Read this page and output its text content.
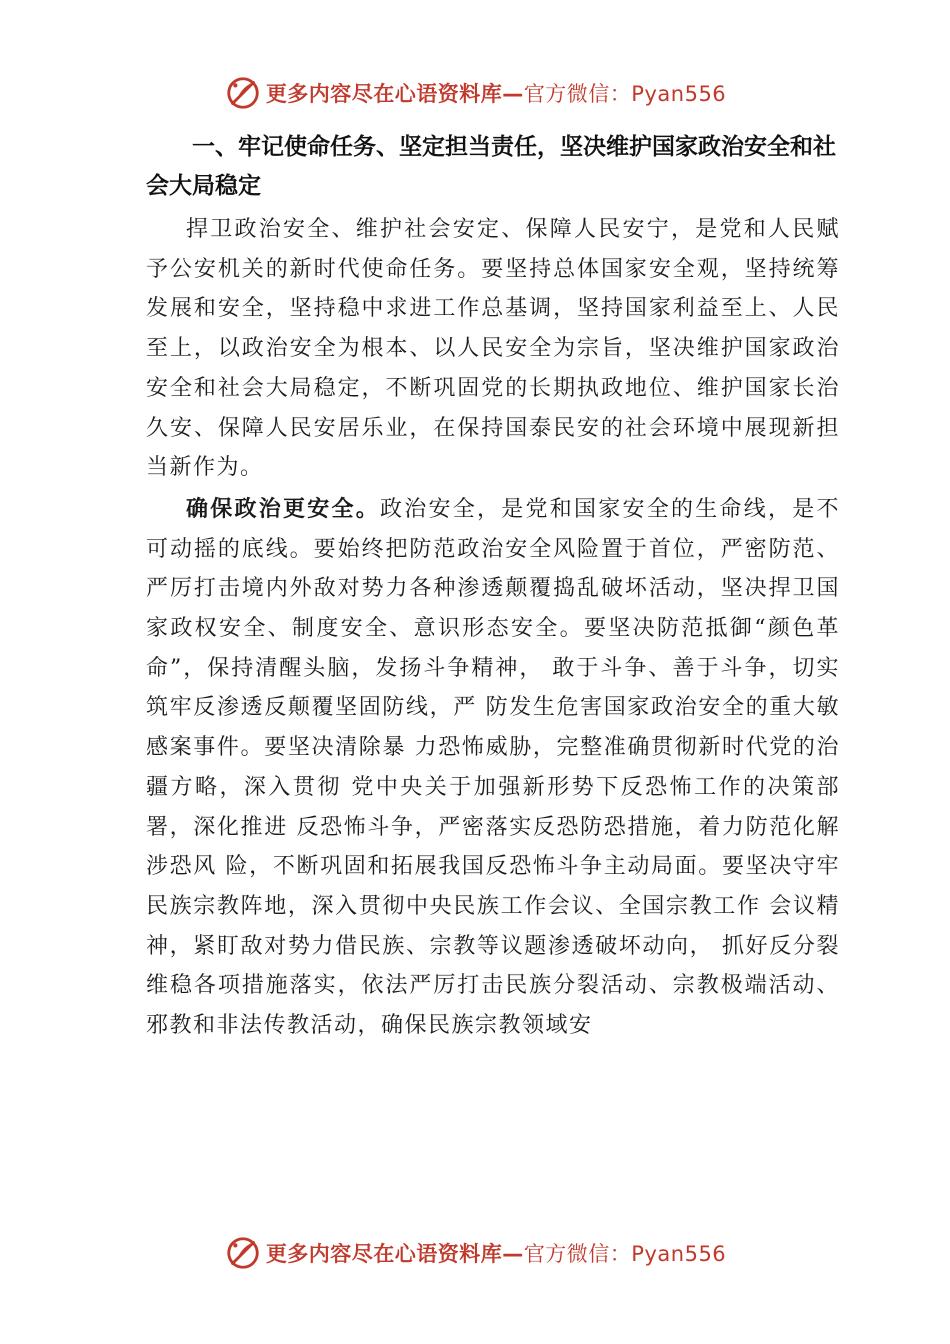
更多内容尽在心语资料库—官方微信：Pyan556
一、牢记使命任务、坚定担当责任，坚决维护国家政治安全和社会大局稳定

捍卫政治安全、维护社会安定、保障人民安宁，是党和人民赋予公安机关的新时代使命任务。要坚持总体国家安全观，坚持统筹发展和安全，坚持稳中求进工作总基调，坚持国家利益至上、人民至上，以政治安全为根本、以人民安全为宗旨，坚决维护国家政治安全和社会大局稳定，不断巩固党的长期执政地位、维护国家长治久安、保障人民安居乐业，在保持国泰民安的社会环境中展现新担当新作为。

确保政治更安全。政治安全，是党和国家安全的生命线，是不可动摇的底线。要始终把防范政治安全风险置于首位，严密防范、严厉打击境内外敌对势力各种渗透颠覆捣乱破坏活动，坚决捍卫国家政权安全、制度安全、意识形态安全。要坚决防范抵御“颜色革命”，保持清醒头脑，发扬斗争精神， 敢于斗争、善于斗争，切实筑牢反渗透反颠覆坚固防线，严 防发生危害国家政治安全的重大敏感案事件。要坚决清除暴 力恐怖威胁，完整准确贯彻新时代党的治疆方略，深入贯彻 党中央关于加强新形势下反恐怖工作的决策部署，深化推进 反恐怖斗争，严密落实反恐防恐措施，着力防范化解涉恐风 险，不断巩固和拓展我国反恐怖斗争主动局面。要坚决守牢 民族宗教阵地，深入贯彻中央民族工作会议、全国宗教工作 会议精神，紧盯敌对势力借民族、宗教等议题渗透破坏动向， 抓好反分裂维稳各项措施落实，依法严厉打击民族分裂活动、宗教极端活动、邪教和非法传教活动，确保民族宗教领域安

更多内容尽在心语资料库—官方微信：Pyan556
